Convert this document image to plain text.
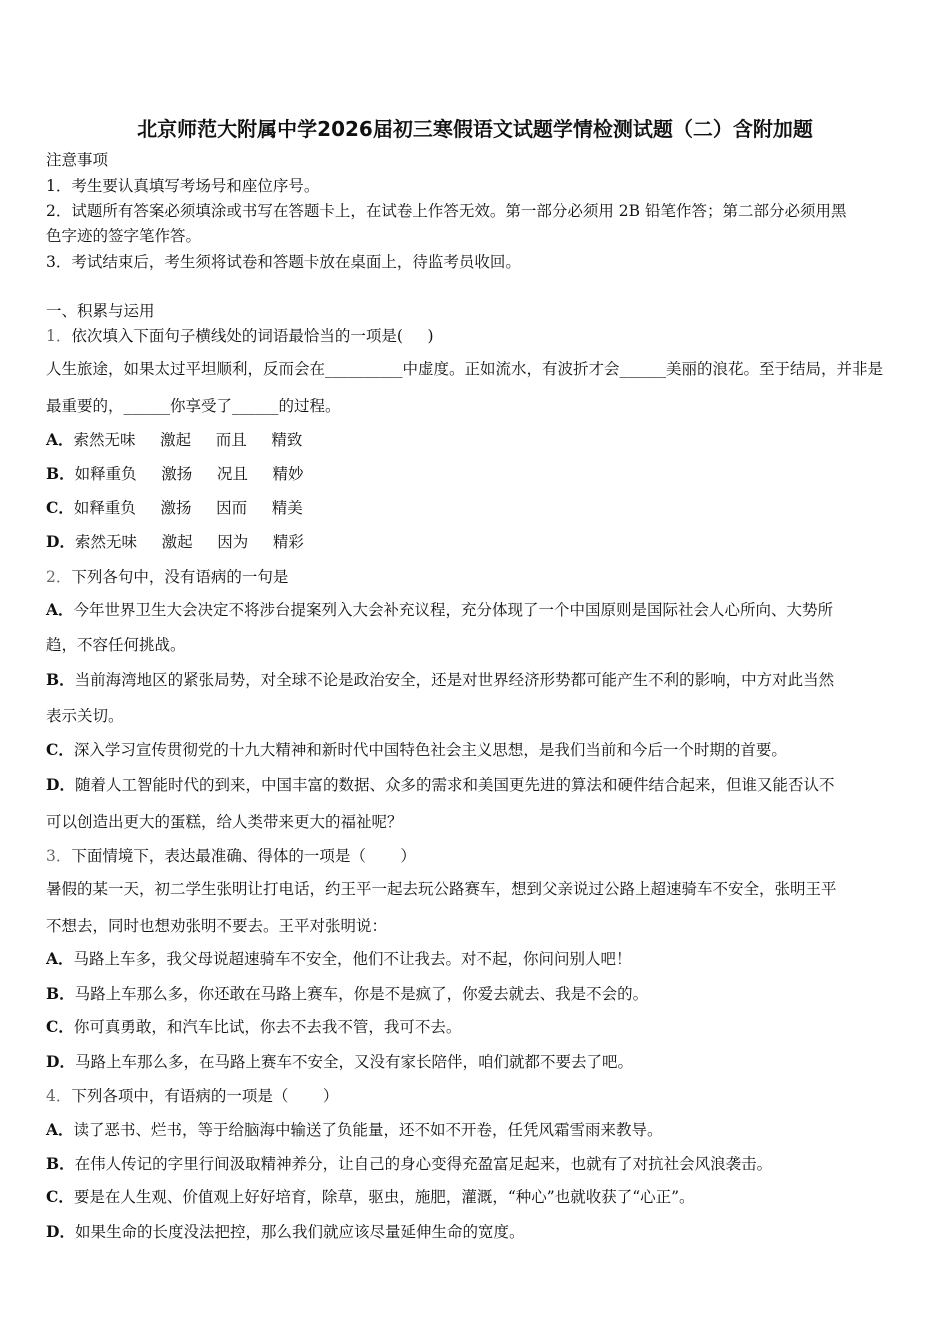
北京师范大附属中学2026届初三寒假语文试题学情检测试题（二）含附加题
注意事项
1．考生要认真填写考场号和座位序号。
2．试题所有答案必须填涂或书写在答题卡上，在试卷上作答无效。第一部分必须用 2B 铅笔作答；第二部分必须用黑
色字迹的签字笔作答。
3．考试结束后，考生须将试卷和答题卡放在桌面上，待监考员收回。
一、积累与运用
1．依次填入下面句子横线处的词语最恰当的一项是(     )
人生旅途，如果太过平坦顺利，反而会在__________中虚度。正如流水，有波折才会______美丽的浪花。至于结局，并非是
最重要的，______你享受了______的过程。
A．索然无味     激起     而且     精致
B．如释重负     激扬     况且     精妙
C．如释重负     激扬     因而     精美
D．索然无味     激起     因为     精彩
2．下列各句中，没有语病的一句是
A．今年世界卫生大会决定不将涉台提案列入大会补充议程，充分体现了一个中国原则是国际社会人心所向、大势所
趋，不容任何挑战。
B．当前海湾地区的紧张局势，对全球不论是政治安全，还是对世界经济形势都可能产生不利的影响，中方对此当然
表示关切。
C．深入学习宣传贯彻党的十九大精神和新时代中国特色社会主义思想，是我们当前和今后一个时期的首要。
D．随着人工智能时代的到来，中国丰富的数据、众多的需求和美国更先进的算法和硬件结合起来，但谁又能否认不
可以创造出更大的蛋糕，给人类带来更大的福祉呢？
3．下面情境下，表达最准确、得体的一项是（       ）
暑假的某一天，初二学生张明让打电话，约王平一起去玩公路赛车，想到父亲说过公路上超速骑车不安全，张明王平
不想去，同时也想劝张明不要去。王平对张明说：
A．马路上车多，我父母说超速骑车不安全，他们不让我去。对不起，你问问别人吧！
B．马路上车那么多，你还敢在马路上赛车，你是不是疯了，你爱去就去、我是不会的。
C．你可真勇敢，和汽车比试，你去不去我不管，我可不去。
D．马路上车那么多，在马路上赛车不安全，又没有家长陪伴，咱们就都不要去了吧。
4．下列各项中，有语病的一项是（       ）
A．读了恶书、烂书，等于给脑海中输送了负能量，还不如不开卷，任凭风霜雪雨来教导。
B．在伟人传记的字里行间汲取精神养分，让自己的身心变得充盈富足起来，也就有了对抗社会风浪袭击。
C．要是在人生观、价值观上好好培育，除草，驱虫，施肥，灌溉，“种心”也就收获了“心正”。
D．如果生命的长度没法把控，那么我们就应该尽量延伸生命的宽度。
